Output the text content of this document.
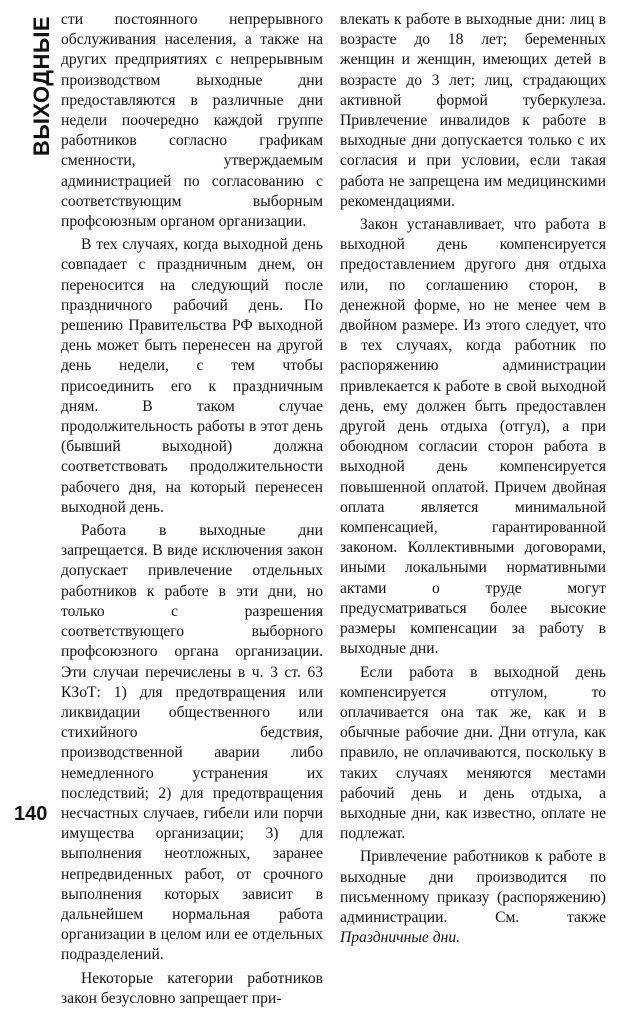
ВЫХОДНЫЕ сти постоянного непрерывного обслуживания населения, а также на других предприятиях с непрерывным производством выходные дни предоставляются в различные дни недели поочередно каждой группе работников согласно графикам сменности, утверждаемым администрацией по согласованию с соответствующим выборным профсоюзным органом организации.

В тех случаях, когда выходной день совпадает с праздничным днем, он переносится на следующий после праздничного рабочий день. По решению Правительства РФ выходной день может быть перенесен на другой день недели, с тем чтобы присоединить его к праздничным дням. В таком случае продолжительность работы в этот день (бывший выходной) должна соответствовать продолжительности рабочего дня, на который перенесен выходной день.

Работа в выходные дни запрещается. В виде исключения закон допускает привлечение отдельных работников к работе в эти дни, но только с разрешения соответствующего выборного профсоюзного органа организации. Эти случаи перечислены в ч. 3 ст. 63 КЗоТ: 1) для предотвращения или ликвидации общественного или стихийного бедствия, производственной аварии либо немедленного устранения их последствий; 2) для предотвращения несчастных случаев, гибели или порчи имущества организации; 3) для выполнения неотложных, заранее непредвиденных работ, от срочного выполнения которых зависит в дальнейшем нормальная работа организации в целом или ее отдельных подразделений.

Некоторые категории работников закон безусловно запрещает при-

влекать к работе в выходные дни: лиц в возрасте до 18 лет; беременных женщин и женщин, имеющих детей в возрасте до 3 лет; лиц, страдающих активной формой туберкулеза. Привлечение инвалидов к работе в выходные дни допускается только с их согласия и при условии, если такая работа не запрещена им медицинскими рекомендациями.

Закон устанавливает, что работа в выходной день компенсируется предоставлением другого дня отдыха или, по соглашению сторон, в денежной форме, но не менее чем в двойном размере. Из этого следует, что в тех случаях, когда работник по распоряжению администрации привлекается к работе в свой выходной день, ему должен быть предоставлен другой день отдыха (отгул), а при обоюдном согласии сторон работа в выходной день компенсируется повышенной оплатой. Причем двойная оплата является минимальной компенсацией, гарантированной законом. Коллективными договорами, иными локальными нормативными актами о труде могут предусматриваться более высокие размеры компенсации за работу в выходные дни.

Если работа в выходной день компенсируется отгулом, то оплачивается она так же, как и в обычные рабочие дни. Дни отгула, как правило, не оплачиваются, поскольку в таких случаях меняются местами рабочий день и день отдыха, а выходные дни, как известно, оплате не подлежат.

Привлечение работников к работе в выходные дни производится по письменному приказу (распоряжению) администрации. См. также Праздничные дни.

140
